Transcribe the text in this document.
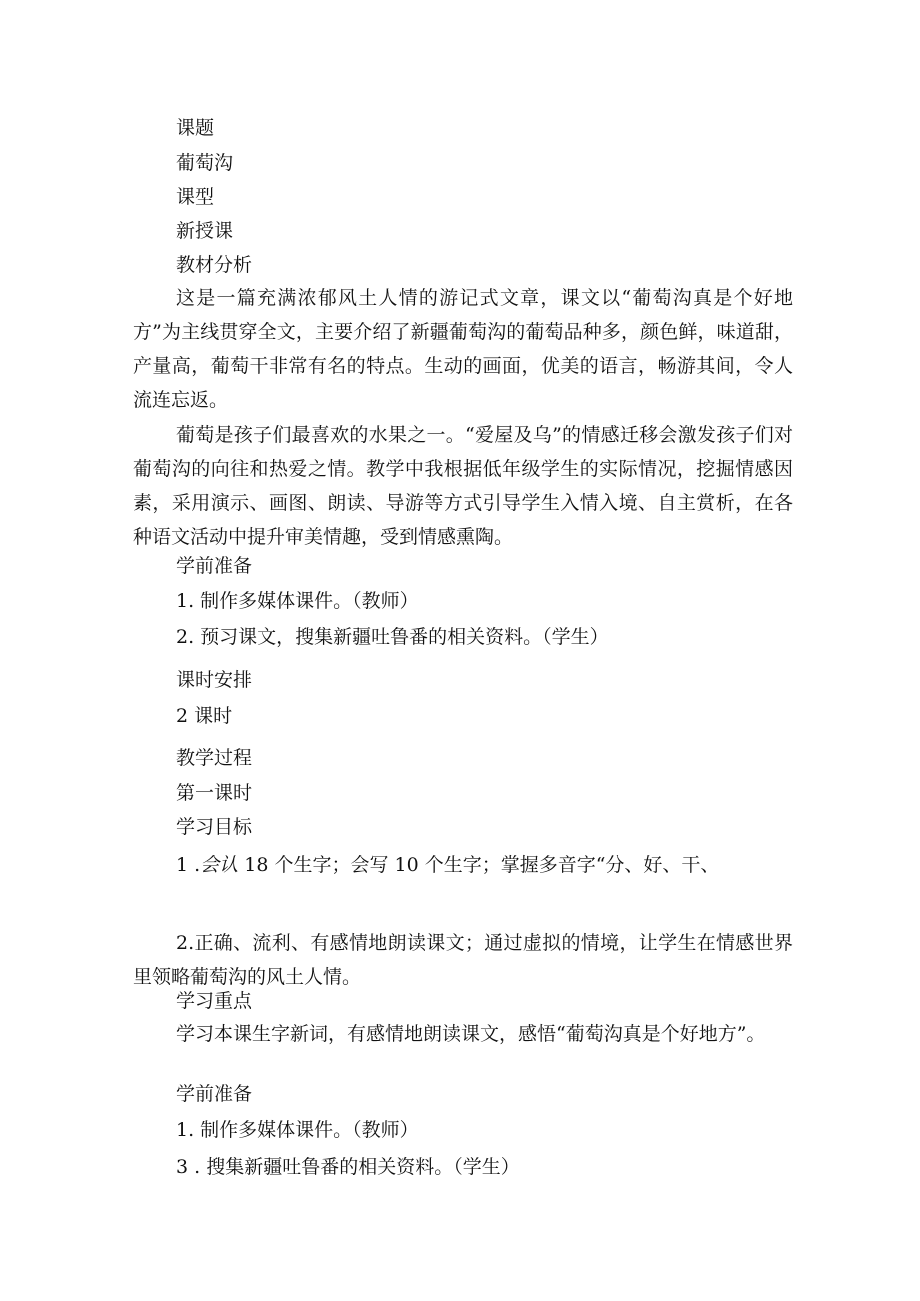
课题
葡萄沟
课型
新授课
教材分析
这是一篇充满浓郁风土人情的游记式文章，课文以“葡萄沟真是个好地方”为主线贯穿全文，主要介绍了新疆葡萄沟的葡萄品种多，颜色鲜，味道甜，产量高，葡萄干非常有名的特点。生动的画面，优美的语言，畅游其间，令人流连忘返。
葡萄是孩子们最喜欢的水果之一。“爱屋及乌”的情感迁移会激发孩子们对葡萄沟的向往和热爱之情。教学中我根据低年级学生的实际情况，挖掘情感因素，采用演示、画图、朗读、导游等方式引导学生入情入境、自主赏析，在各种语文活动中提升审美情趣，受到情感熏陶。
学前准备
1. 制作多媒体课件。（教师）
2. 预习课文，搜集新疆吐鲁番的相关资料。（学生）
课时安排
2 课时
教学过程
第一课时
学习目标
1 .会认 18 个生字；会写 10 个生字；掌握多音字“分、好、干、
2.正确、流利、有感情地朗读课文；通过虚拟的情境，让学生在情感世界里领略葡萄沟的风土人情。
学习重点
学习本课生字新词，有感情地朗读课文，感悟“葡萄沟真是个好地方”。
学前准备
1. 制作多媒体课件。（教师）
3 . 搜集新疆吐鲁番的相关资料。（学生）
